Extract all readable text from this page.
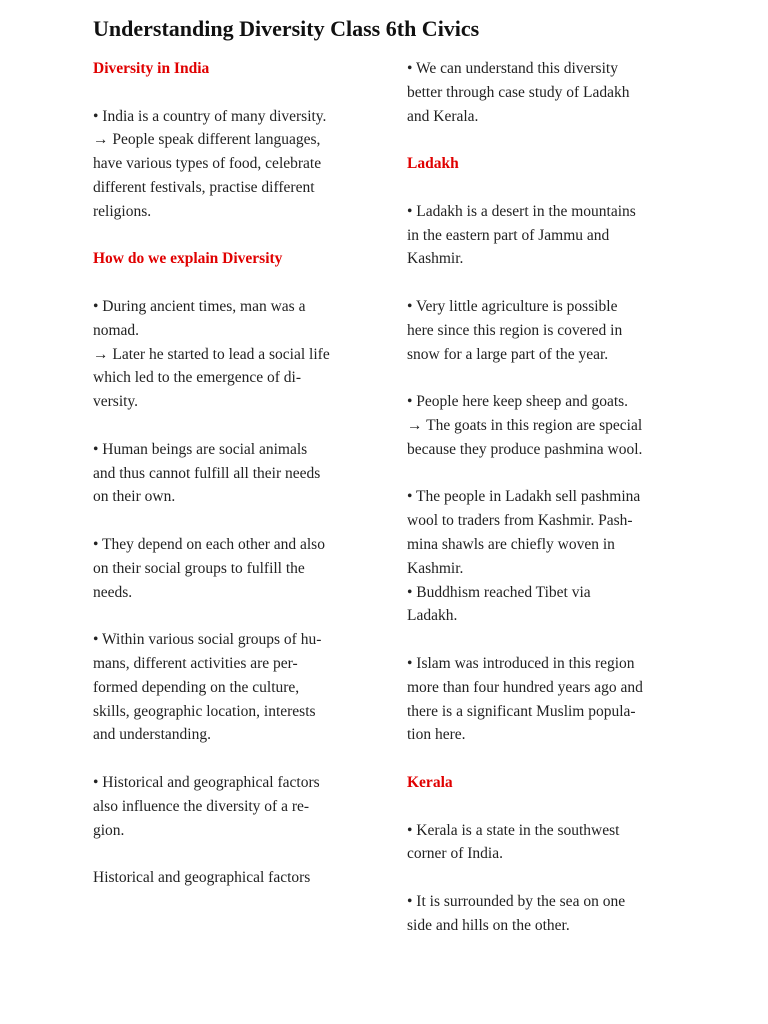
Understanding Diversity Class 6th Civics
Diversity in India
• India is a country of many diversity.
→ People speak different languages,
have various types of food, celebrate
different festivals, practise different
religions.
How do we explain Diversity
• During ancient times, man was a
nomad.
→ Later he started to lead a social life
which led to the emergence of di-
versity.
• Human beings are social animals
and thus cannot fulfill all their needs
on their own.
• They depend on each other and also
on their social groups to fulfill the
needs.
• Within various social groups of hu-
mans, different activities are per-
formed depending on the culture,
skills, geographic location, interests
and understanding.
• Historical and geographical factors
also influence the diversity of a re-
gion.
Historical and geographical factors
• We can understand this diversity
better through case study of Ladakh
and Kerala.
Ladakh
• Ladakh is a desert in the mountains
in the eastern part of Jammu and
Kashmir.
• Very little agriculture is possible
here since this region is covered in
snow for a large part of the year.
• People here keep sheep and goats.
→ The goats in this region are special
because they produce pashmina wool.
• The people in Ladakh sell pashmina
wool to traders from Kashmir. Pash-
mina shawls are chiefly woven in
Kashmir.
• Buddhism reached Tibet via
Ladakh.
• Islam was introduced in this region
more than four hundred years ago and
there is a significant Muslim popula-
tion here.
Kerala
• Kerala is a state in the southwest
corner of India.
• It is surrounded by the sea on one
side and hills on the other.
